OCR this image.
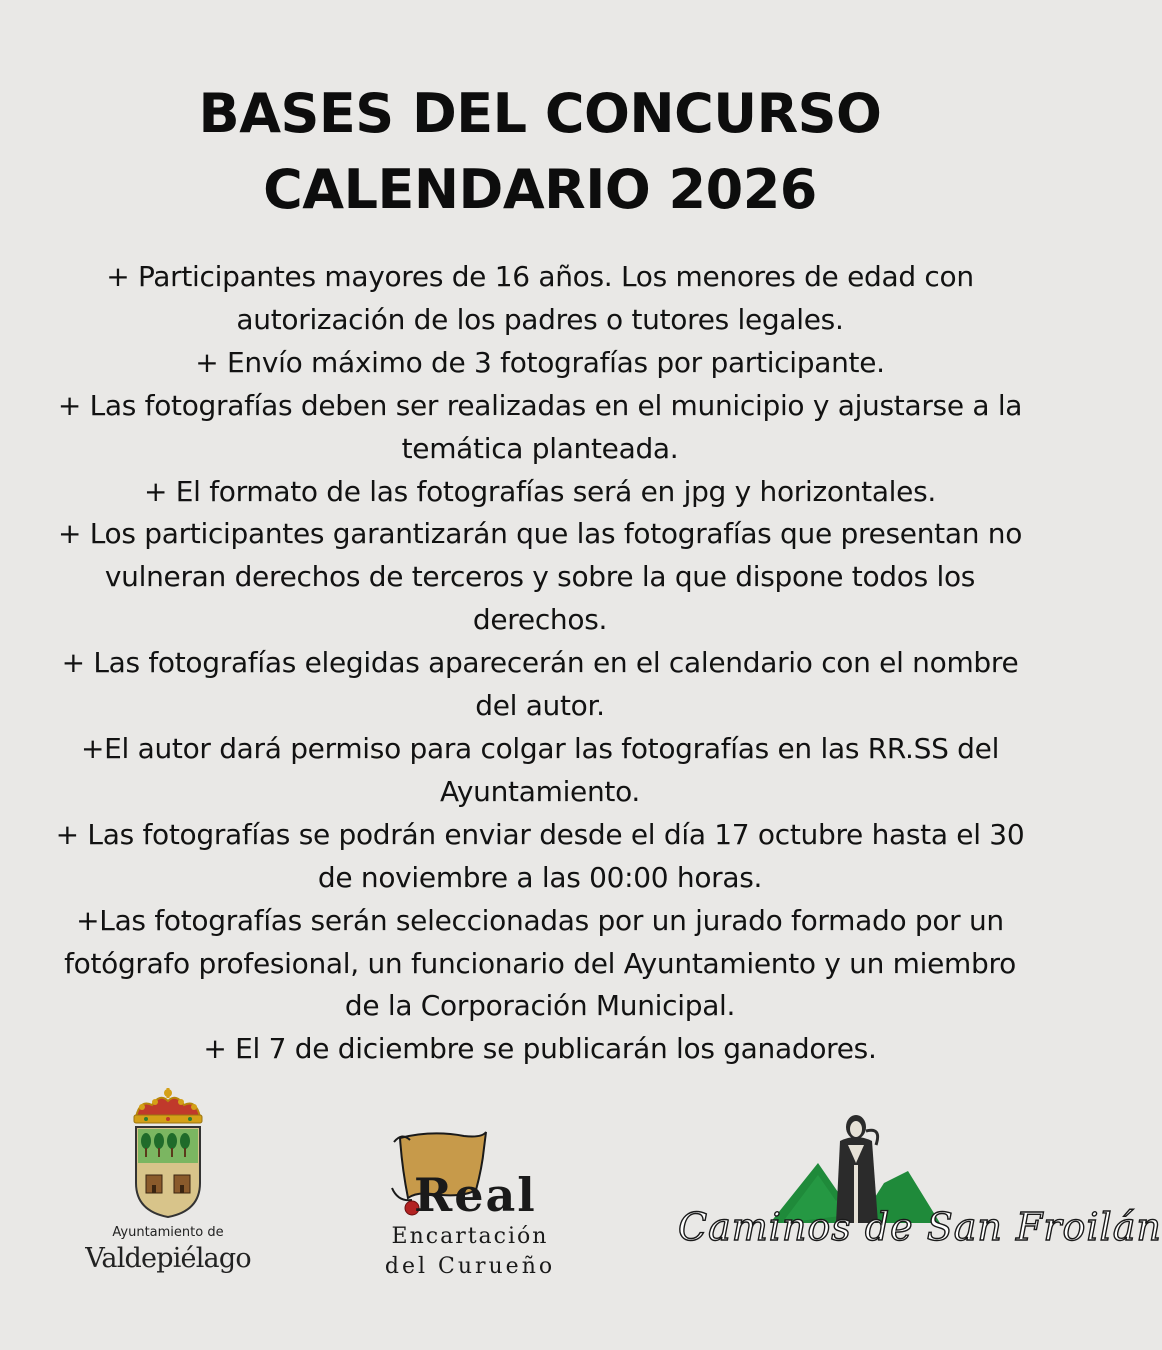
BASES DEL CONCURSO
CALENDARIO 2026
+ Participantes mayores de 16 años. Los menores de edad con
autorización de los padres o tutores legales.
+ Envío máximo de 3 fotografías por participante.
+ Las fotografías deben ser realizadas en el municipio y ajustarse a la
temática planteada.
+ El formato de las fotografías será en jpg y horizontales.
+ Los participantes garantizarán que las fotografías que presentan no
vulneran derechos de terceros y sobre la que dispone todos los
derechos.
+ Las fotografías elegidas aparecerán en el calendario con el nombre
del autor.
+El autor dará permiso para colgar las fotografías en las RR.SS del
Ayuntamiento.
+ Las fotografías se podrán enviar desde el día 17 octubre hasta el 30
de noviembre a las 00:00 horas.
+Las fotografías serán seleccionadas por un jurado formado por un
fotógrafo profesional, un funcionario del Ayuntamiento y un miembro
de la Corporación Municipal.
+ El 7 de diciembre se publicarán los ganadores.
Ayuntamiento de
Valdepiélago
Real
Encartación
del Curueño
Caminos de San Froilán
